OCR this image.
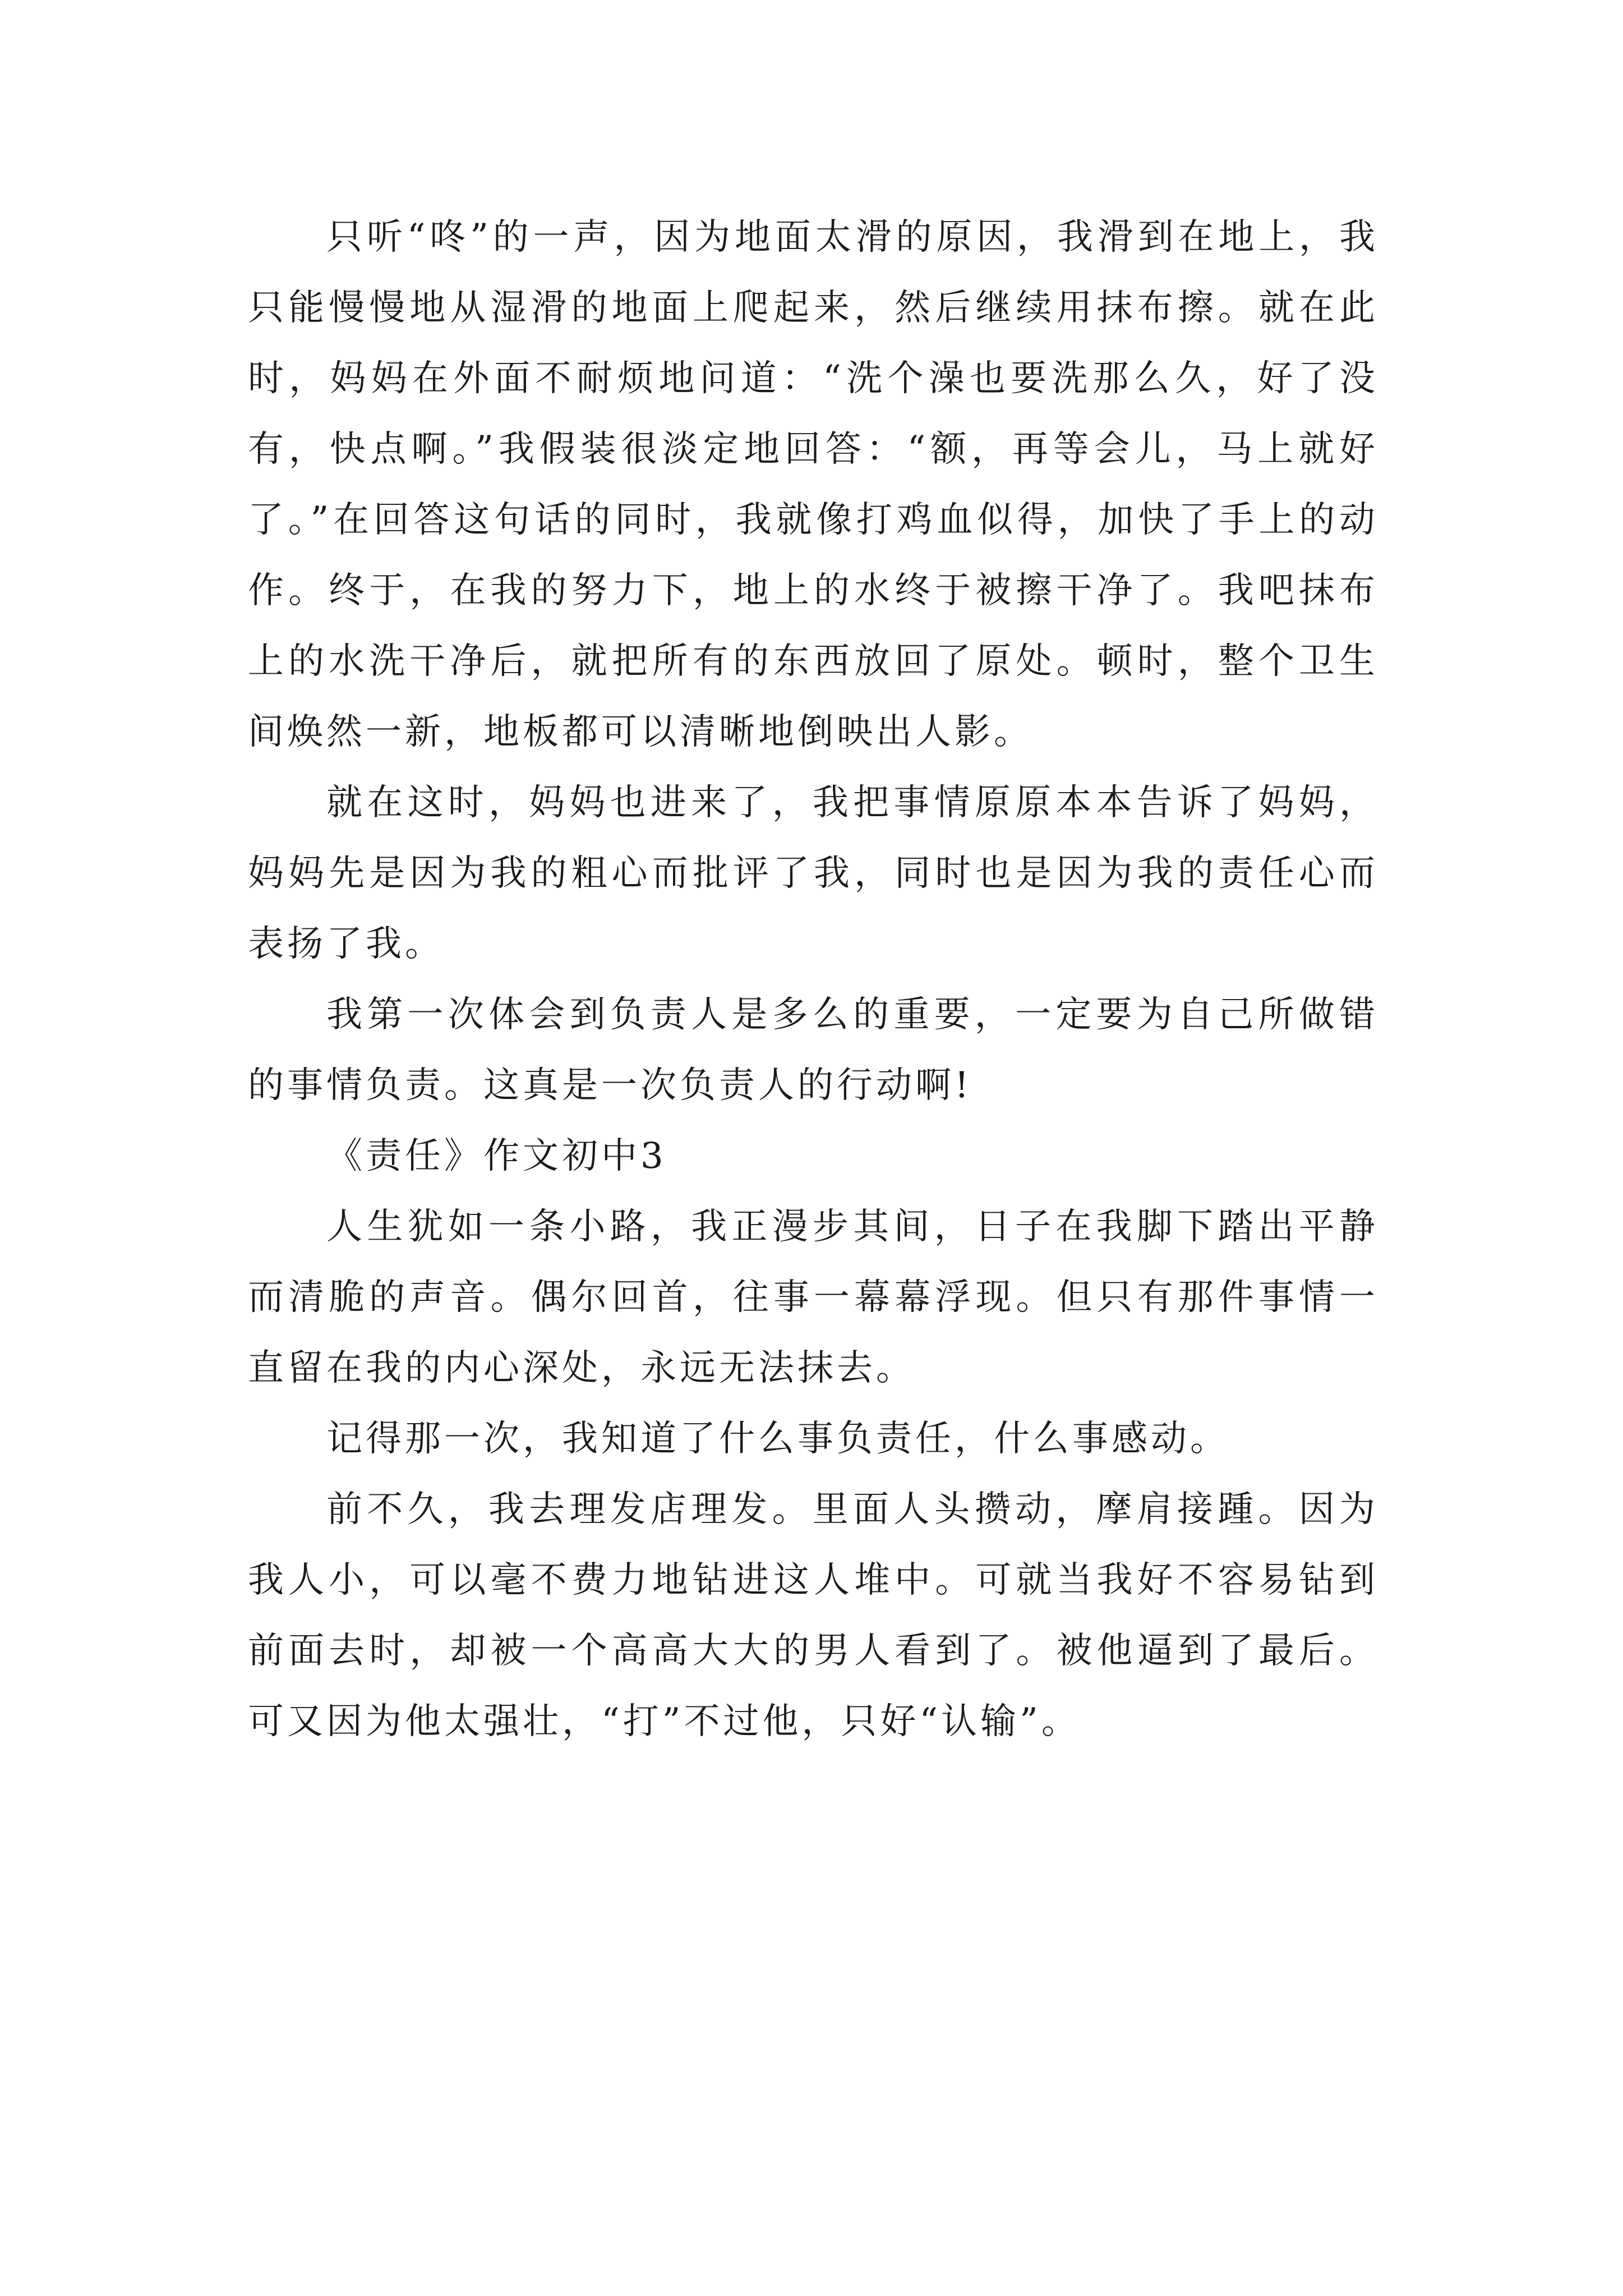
只听“咚”的一声，因为地面太滑的原因，我滑到在地上，我只能慢慢地从湿滑的地面上爬起来，然后继续用抹布擦。就在此时，妈妈在外面不耐烦地问道：“洗个澡也要洗那么久，好了没有，快点啊。”我假装很淡定地回答：“额，再等会儿，马上就好了。”在回答这句话的同时，我就像打鸡血似得，加快了手上的动作。终于，在我的努力下，地上的水终于被擦干净了。我吧抹布上的水洗干净后，就把所有的东西放回了原处。顿时，整个卫生间焕然一新，地板都可以清晰地倒映出人影。

就在这时，妈妈也进来了，我把事情原原本本告诉了妈妈，妈妈先是因为我的粗心而批评了我，同时也是因为我的责任心而表扬了我。

我第一次体会到负责人是多么的重要，一定要为自己所做错的事情负责。这真是一次负责人的行动啊!

《责任》作文初中3

人生犹如一条小路，我正漫步其间，日子在我脚下踏出平静而清脆的声音。偶尔回首，往事一幕幕浮现。但只有那件事情一直留在我的内心深处，永远无法抹去。

记得那一次，我知道了什么事负责任，什么事感动。

前不久，我去理发店理发。里面人头攒动，摩肩接踵。因为我人小，可以毫不费力地钻进这人堆中。可就当我好不容易钻到前面去时，却被一个高高大大的男人看到了。被他逼到了最后。可又因为他太强壮，“打”不过他，只好“认输”。
